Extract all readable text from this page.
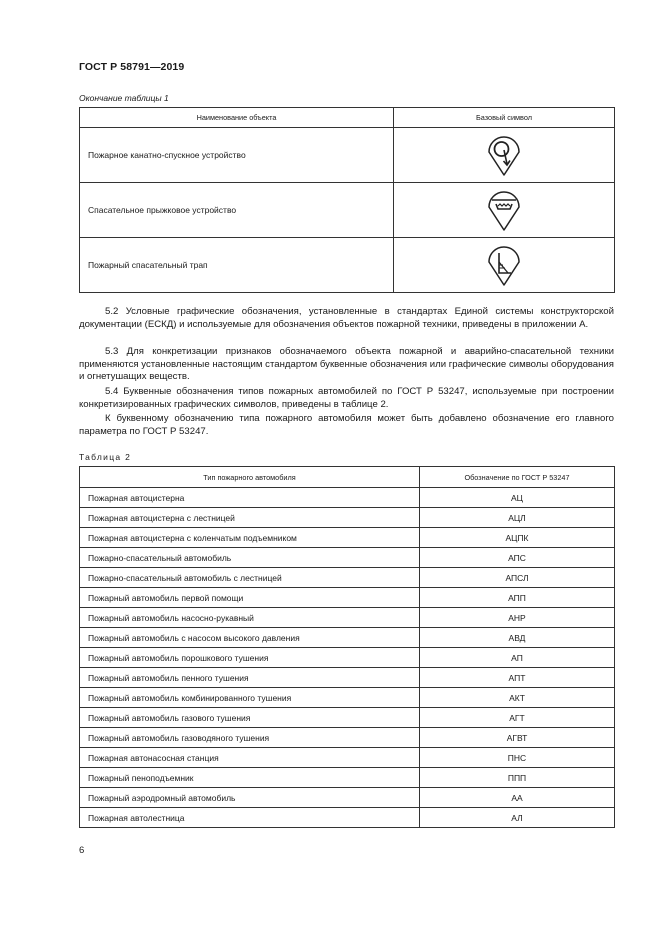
ГОСТ Р 58791—2019
Окончание таблицы 1
Наименование объекта	Базовый символ
Пожарное канатно-спускное устройство	

Спасательное прыжковое устройство	

Пожарный спасательный трап	

5.2 Условные графические обозначения, установленные в стандартах Единой системы конструкторской документации (ЕСКД) и используемые для обозначения объектов пожарной техники, приведены в приложении А.

5.3 Для конкретизации признаков обозначаемого объекта пожарной и аварийно-спасательной техники применяются установленные настоящим стандартом буквенные обозначения или графические символы оборудования и огнетушащих веществ.

5.4 Буквенные обозначения типов пожарных автомобилей по ГОСТ Р 53247, используемые при построении конкретизированных графических символов, приведены в таблице 2.

К буквенному обозначению типа пожарного автомобиля может быть добавлено обозначение его главного параметра по ГОСТ Р 53247.

Таблица 2
Тип пожарного автомобиля	Обозначение по ГОСТ Р 53247
Пожарная автоцистерна	АЦ
Пожарная автоцистерна с лестницей	АЦЛ
Пожарная автоцистерна с коленчатым подъемником	АЦПК
Пожарно-спасательный автомобиль	АПС
Пожарно-спасательный автомобиль с лестницей	АПСЛ
Пожарный автомобиль первой помощи	АПП
Пожарный автомобиль насосно-рукавный	АНР
Пожарный автомобиль с насосом высокого давления	АВД
Пожарный автомобиль порошкового тушения	АП
Пожарный автомобиль пенного тушения	АПТ
Пожарный автомобиль комбинированного тушения	АКТ
Пожарный автомобиль газового тушения	АГТ
Пожарный автомобиль газоводяного тушения	АГВТ
Пожарная автонасосная станция	ПНС
Пожарный пеноподъемник	ППП
Пожарный аэродромный автомобиль	АА
Пожарная автолестница	АЛ
6
